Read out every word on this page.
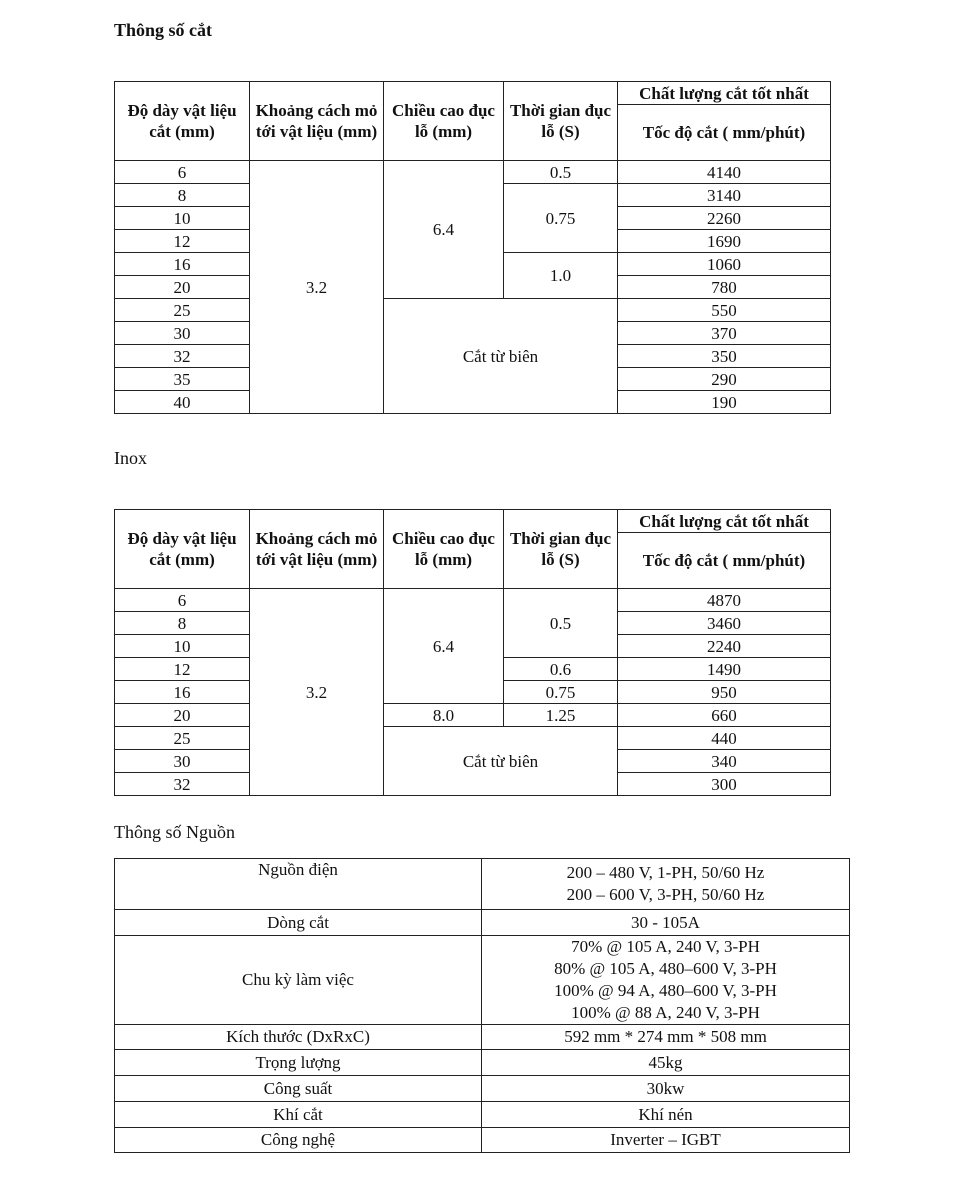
Thông số cắt
Độ dày vật liệu cắt (mm)	Khoảng cách mỏ tới vật liệu (mm)	Chiều cao đục lỗ (mm)	Thời gian đục lỗ (S)	Chất lượng cắt tốt nhất
				Tốc độ cắt ( mm/phút)
6	3.2	6.4	0.5	4140
8			0.75	3140
10				2260
12				1690
16			1.0	1060
20				780
25		Cắt từ biên		550
30				370
32				350
35				290
40				190
Inox
Độ dày vật liệu cắt (mm)	Khoảng cách mỏ tới vật liệu (mm)	Chiều cao đục lỗ (mm)	Thời gian đục lỗ (S)	Chất lượng cắt tốt nhất
				Tốc độ cắt ( mm/phút)
6	3.2	6.4	0.5	4870
8				3460
10				2240
12			0.6	1490
16			0.75	950
20		8.0	1.25	660
25		Cắt từ biên		440
30				340
32				300
Thông số Nguồn
Nguồn điện	200 – 480 V, 1-PH, 50/60 Hz
200 – 600 V, 3-PH, 50/60 Hz

Dòng cắt	30 - 105A
Chu kỳ làm việc	70% @ 105 A, 240 V, 3-PH
80% @ 105 A, 480–600 V, 3-PH
100% @ 94 A, 480–600 V, 3-PH
100% @ 88 A, 240 V, 3-PH

Kích thước (DxRxC)	592 mm * 274 mm * 508 mm
Trọng lượng	45kg
Công suất	30kw
Khí cắt	Khí nén
Công nghệ	Inverter – IGBT
